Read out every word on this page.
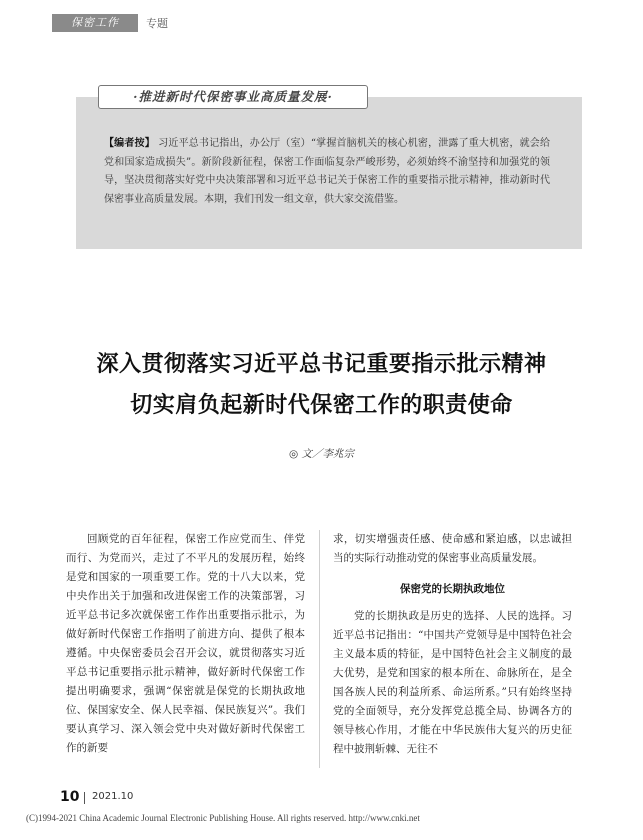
保密工作	专题
·推进新时代保密事业高质量发展·
【编者按】 习近平总书记指出，办公厅（室）“掌握首脑机关的核心机密，泄露了重大机密，就会给党和国家造成损失”。新阶段新征程，保密工作面临复杂严峻形势，必须始终不渝坚持和加强党的领导，坚决贯彻落实好党中央决策部署和习近平总书记关于保密工作的重要指示批示精神，推动新时代保密事业高质量发展。本期，我们刊发一组文章，供大家交流借鉴。
深入贯彻落实习近平总书记重要指示批示精神
切实肩负起新时代保密工作的职责使命
◎ 文／李兆宗

回顾党的百年征程，保密工作应党而生、伴党而行、为党而兴，走过了不平凡的发展历程，始终是党和国家的一项重要工作。党的十八大以来，党中央作出关于加强和改进保密工作的决策部署，习近平总书记多次就保密工作作出重要指示批示，为做好新时代保密工作指明了前进方向、提供了根本遵循。中央保密委员会召开会议，就贯彻落实习近平总书记重要指示批示精神，做好新时代保密工作提出明确要求，强调“保密就是保党的长期执政地位、保国家安全、保人民幸福、保民族复兴”。我们要认真学习、深入领会党中央对做好新时代保密工作的新要

求，切实增强责任感、使命感和紧迫感，以忠诚担当的实际行动推动党的保密事业高质量发展。

保密党的长期执政地位

党的长期执政是历史的选择、人民的选择。习近平总书记指出：“中国共产党领导是中国特色社会主义最本质的特征，是中国特色社会主义制度的最大优势，是党和国家的根本所在、命脉所在，是全国各族人民的利益所系、命运所系。”只有始终坚持党的全面领导，充分发挥党总揽全局、协调各方的领导核心作用，才能在中华民族伟大复兴的历史征程中披荆斩棘、无往不

10 2021.10
(C)1994-2021 China Academic Journal Electronic Publishing House. All rights reserved. http://www.cnki.net
